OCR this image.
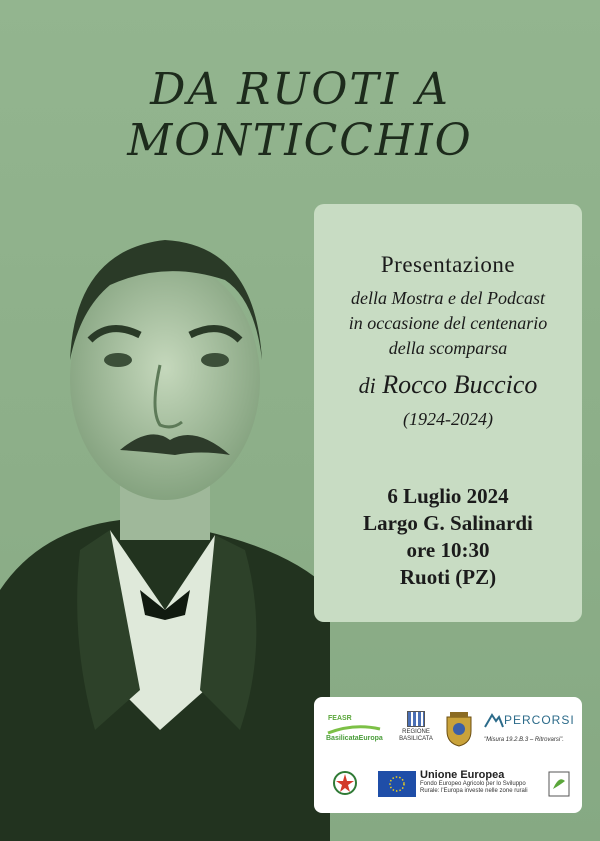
DA RUOTI A MONTICCHIO
Presentazione
della Mostra e del Podcast
in occasione del centenario
della scomparsa
di Rocco Buccico
(1924-2024)
6 Luglio 2024
Largo G. Salinardi
ore 10:30
Ruoti (PZ)
FEASR
BasilicataEuropa
REGIONE BASILICATA
PERCORSI
"Misura 19.2.B.3 – Ritrovarsi".
Unione Europea
Fondo Europeo Agricolo per lo Sviluppo Rurale: l'Europa investe nelle zone rurali
